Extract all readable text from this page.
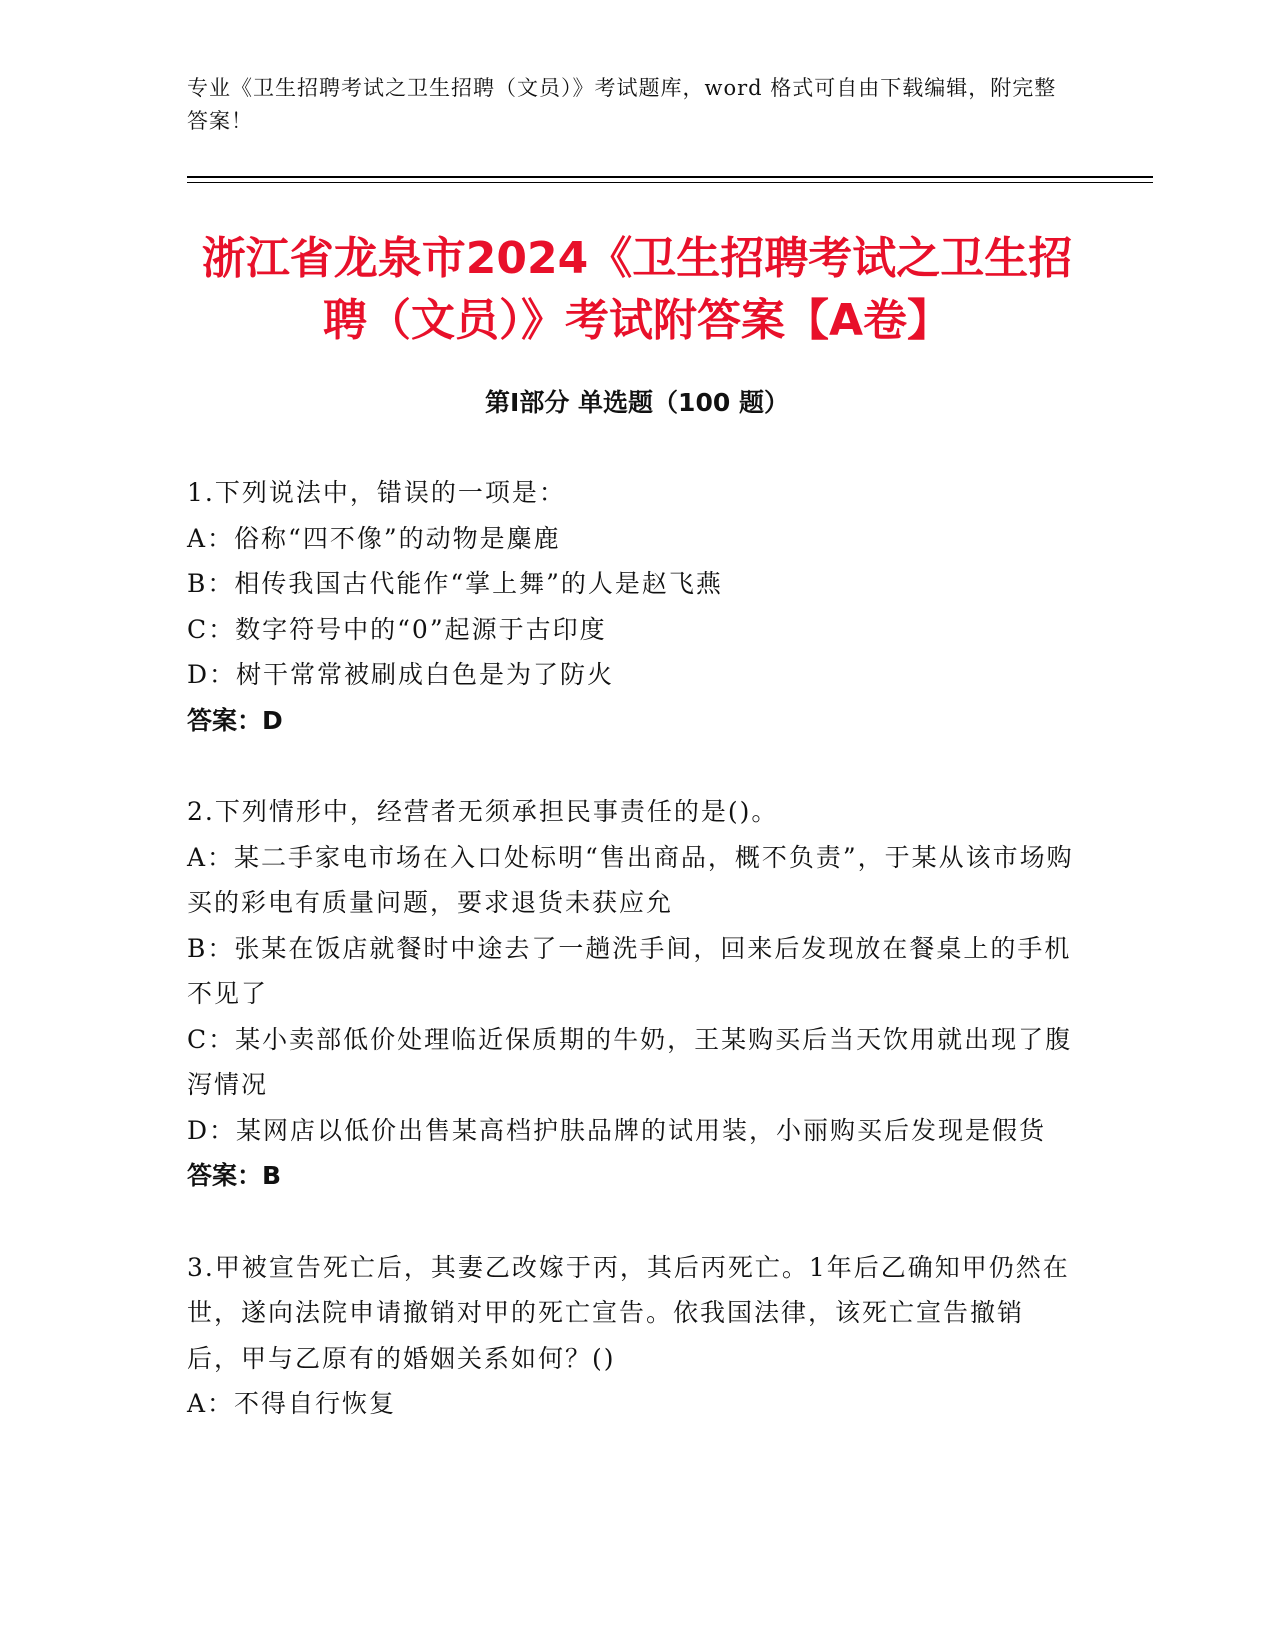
专业《卫生招聘考试之卫生招聘（文员）》考试题库，word 格式可自由下载编辑，附完整答案！
浙江省龙泉市2024《卫生招聘考试之卫生招聘（文员）》考试附答案【A卷】
第Ⅰ部分 单选题（100 题）
1.下列说法中，错误的一项是：
A：俗称“四不像”的动物是麋鹿
B：相传我国古代能作“掌上舞”的人是赵飞燕
C：数字符号中的“0”起源于古印度
D：树干常常被刷成白色是为了防火
答案：D
2.下列情形中，经营者无须承担民事责任的是()。
A：某二手家电市场在入口处标明“售出商品，概不负责”，于某从该市场购买的彩电有质量问题，要求退货未获应允
B：张某在饭店就餐时中途去了一趟洗手间，回来后发现放在餐桌上的手机不见了
C：某小卖部低价处理临近保质期的牛奶，王某购买后当天饮用就出现了腹泻情况
D：某网店以低价出售某高档护肤品牌的试用装，小丽购买后发现是假货
答案：B
3.甲被宣告死亡后，其妻乙改嫁于丙，其后丙死亡。1年后乙确知甲仍然在世，遂向法院申请撤销对甲的死亡宣告。依我国法律，该死亡宣告撤销后，甲与乙原有的婚姻关系如何？()
A：不得自行恢复
